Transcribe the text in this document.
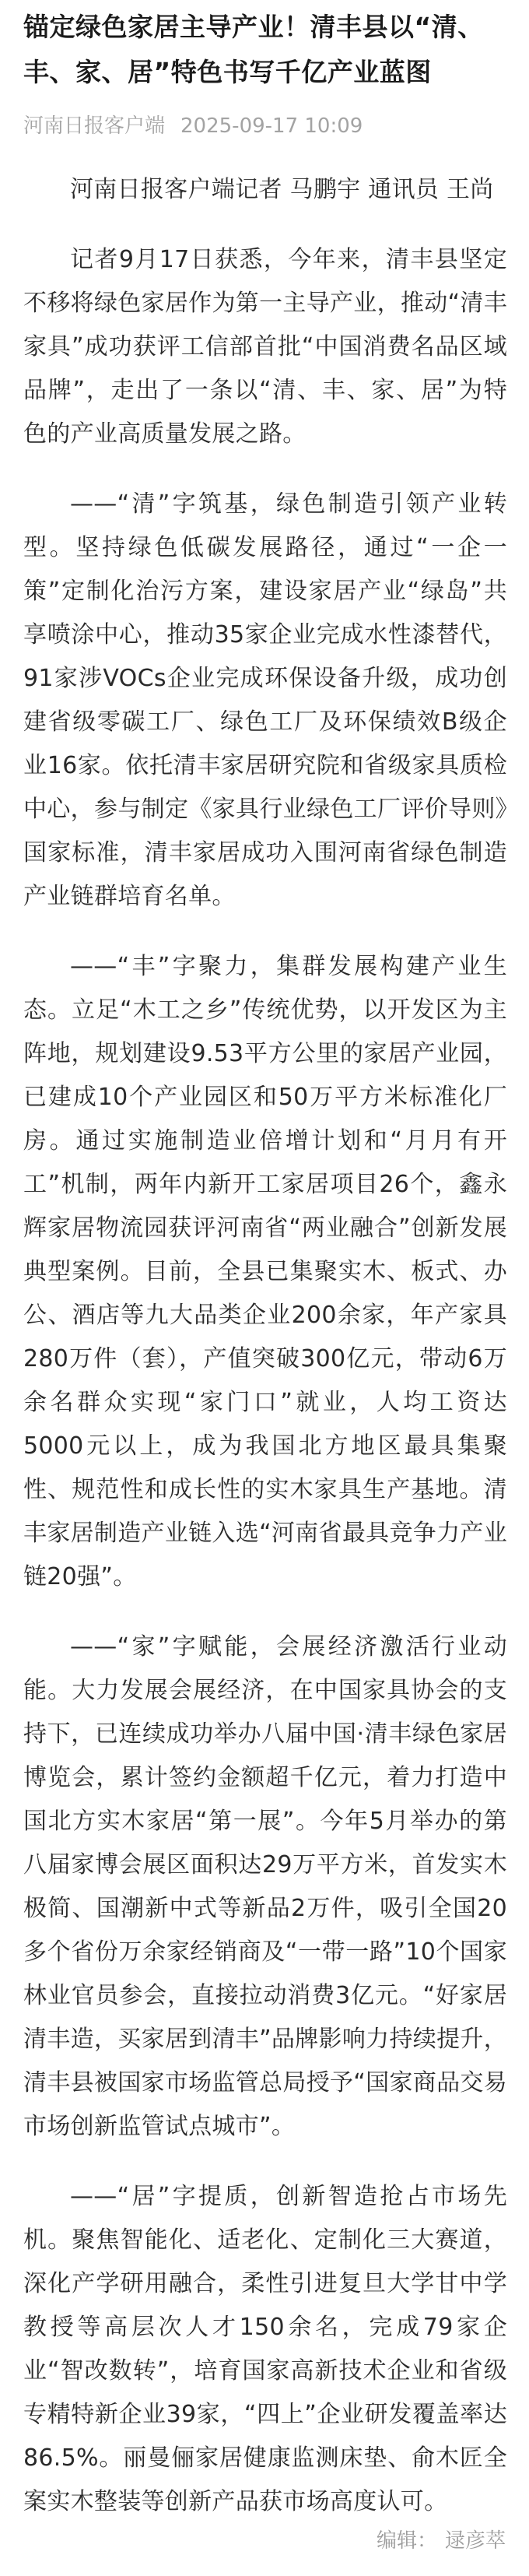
锚定绿色家居主导产业！清丰县以“清、丰、家、居”特色书写千亿产业蓝图
河南日报客户端 2025-09-17 10:09

河南日报客户端记者 马鹏宇 通讯员 王尚

记者9月17日获悉，今年来，清丰县坚定不移将绿色家居作为第一主导产业，推动“清丰家具”成功获评工信部首批“中国消费名品区域品牌”，走出了一条以“清、丰、家、居”为特色的产业高质量发展之路。

——“清”字筑基，绿色制造引领产业转型。坚持绿色低碳发展路径，通过“一企一策”定制化治污方案，建设家居产业“绿岛”共享喷涂中心，推动35家企业完成水性漆替代，91家涉VOCs企业完成环保设备升级，成功创建省级零碳工厂、绿色工厂及环保绩效B级企业16家。依托清丰家居研究院和省级家具质检中心，参与制定《家具行业绿色工厂评价导则》国家标准，清丰家居成功入围河南省绿色制造产业链群培育名单。

——“丰”字聚力，集群发展构建产业生态。立足“木工之乡”传统优势，以开发区为主阵地，规划建设9.53平方公里的家居产业园，已建成10个产业园区和50万平方米标准化厂房。通过实施制造业倍增计划和“月月有开工”机制，两年内新开工家居项目26个，鑫永辉家居物流园获评河南省“两业融合”创新发展典型案例。目前，全县已集聚实木、板式、办公、酒店等九大品类企业200余家，年产家具280万件（套），产值突破300亿元，带动6万余名群众实现“家门口”就业，人均工资达5000元以上，成为我国北方地区最具集聚性、规范性和成长性的实木家具生产基地。清丰家居制造产业链入选“河南省最具竞争力产业链20强”。

——“家”字赋能，会展经济激活行业动能。大力发展会展经济，在中国家具协会的支持下，已连续成功举办八届中国·清丰绿色家居博览会，累计签约金额超千亿元，着力打造中国北方实木家居“第一展”。今年5月举办的第八届家博会展区面积达29万平方米，首发实木极简、国潮新中式等新品2万件，吸引全国20多个省份万余家经销商及“一带一路”10个国家林业官员参会，直接拉动消费3亿元。“好家居清丰造，买家居到清丰”品牌影响力持续提升，清丰县被国家市场监管总局授予“国家商品交易市场创新监管试点城市”。

——“居”字提质，创新智造抢占市场先机。聚焦智能化、适老化、定制化三大赛道，深化产学研用融合，柔性引进复旦大学甘中学教授等高层次人才150余名，完成79家企业“智改数转”，培育国家高新技术企业和省级专精特新企业39家，“四上”企业研发覆盖率达86.5%。丽曼俪家居健康监测床垫、俞木匠全案实木整装等创新产品获市场高度认可。

编辑： 逯彦萃
